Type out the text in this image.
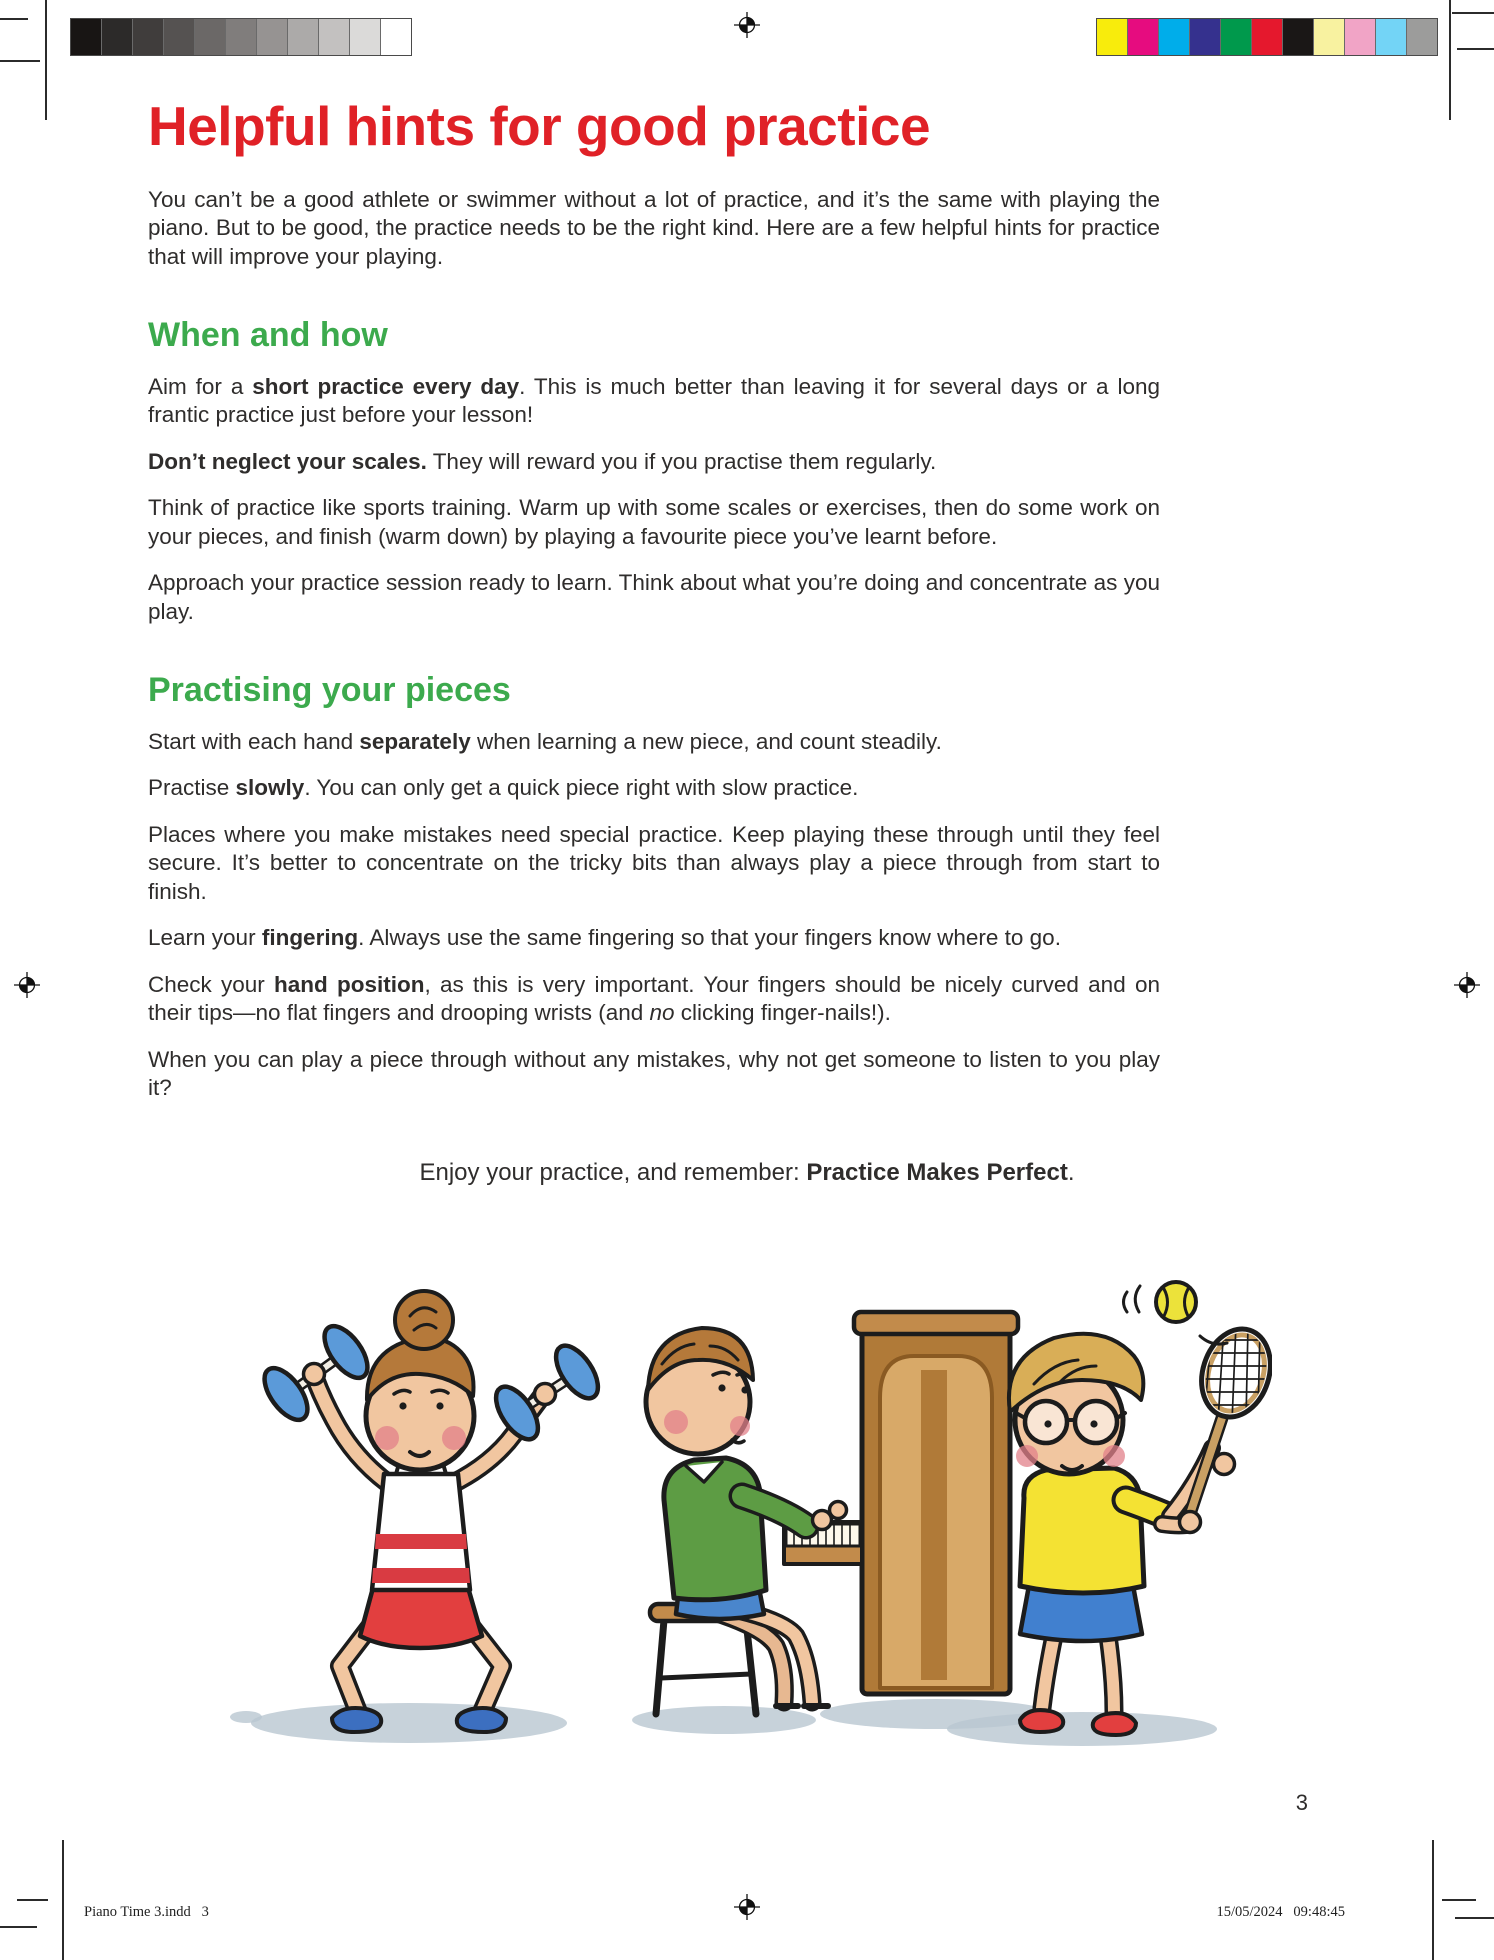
Helpful hints for good practice

You can’t be a good athlete or swimmer without a lot of practice, and it’s the same with playing the piano. But to be good, the practice needs to be the right kind. Here are a few helpful hints for practice that will improve your playing.

When and how

Aim for a short practice every day. This is much better than leaving it for several days or a long frantic practice just before your lesson!

Don’t neglect your scales. They will reward you if you practise them regularly.

Think of practice like sports training. Warm up with some scales or exercises, then do some work on your pieces, and finish (warm down) by playing a favourite piece you’ve learnt before.

Approach your practice session ready to learn. Think about what you’re doing and concentrate as you play.

Practising your pieces

Start with each hand separately when learning a new piece, and count steadily.

Practise slowly. You can only get a quick piece right with slow practice.

Places where you make mistakes need special practice. Keep playing these through until they feel secure. It’s better to concentrate on the tricky bits than always play a piece through from start to finish.

Learn your fingering. Always use the same fingering so that your fingers know where to go.

Check your hand position, as this is very important. Your fingers should be nicely curved and on their tips—no flat fingers and drooping wrists (and no clicking finger-nails!).

When you can play a piece through without any mistakes, why not get someone to listen to you play it?

Enjoy your practice, and remember: Practice Makes Perfect.

3
Piano Time 3.indd   3	15/05/2024   09:48:45
